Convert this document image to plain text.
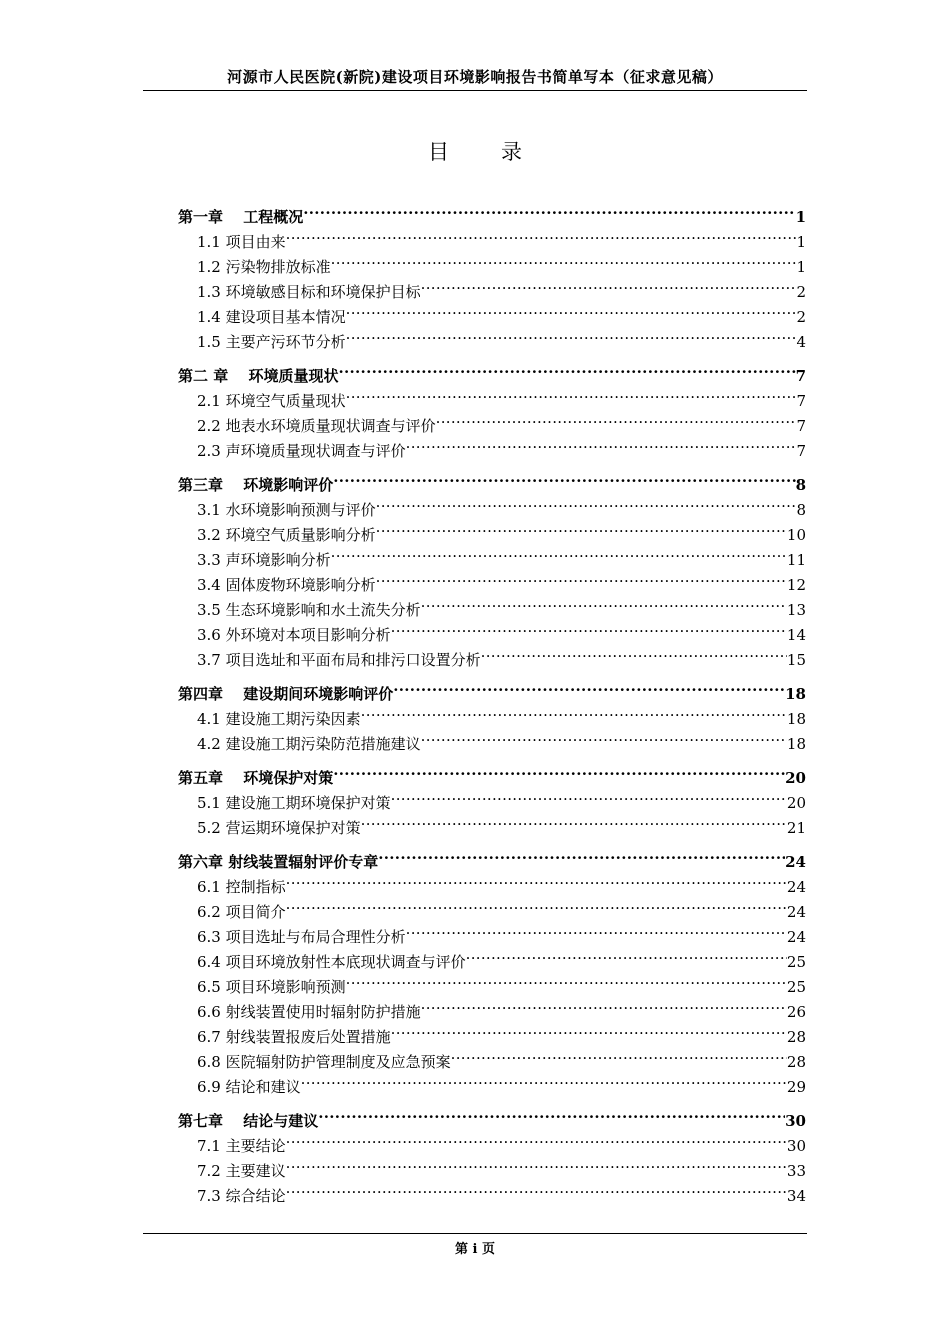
河源市人民医院(新院)建设项目环境影响报告书简单写本（征求意见稿）
目 录
第一章　 工程概况 .....	1
1.1 项目由来 .....	1
1.2 污染物排放标准 .....	1
1.3 环境敏感目标和环境保护目标 .....	2
1.4 建设项目基本情况 .....	2
1.5 主要产污环节分析 .....	4
第二 章　 环境质量现状 .....	7
2.1 环境空气质量现状 .....	7
2.2 地表水环境质量现状调查与评价 .....	7
2.3 声环境质量现状调查与评价 .....	7
第三章　 环境影响评价 .....	8
3.1 水环境影响预测与评价 .....	8
3.2 环境空气质量影响分析 .....	10
3.3 声环境影响分析 .....	11
3.4 固体废物环境影响分析 .....	12
3.5 生态环境影响和水土流失分析 .....	13
3.6 外环境对本项目影响分析 .....	14
3.7 项目选址和平面布局和排污口设置分析 .....	15
第四章　 建设期间环境影响评价 .....	18
4.1 建设施工期污染因素 .....	18
4.2 建设施工期污染防范措施建议 .....	18
第五章　 环境保护对策 .....	20
5.1 建设施工期环境保护对策 .....	20
5.2 营运期环境保护对策 .....	21
第六章 射线装置辐射评价专章 .....	24
6.1 控制指标 .....	24
6.2 项目简介 .....	24
6.3 项目选址与布局合理性分析 .....	24
6.4 项目环境放射性本底现状调查与评价 .....	25
6.5 项目环境影响预测 .....	25
6.6 射线装置使用时辐射防护措施 .....	26
6.7 射线装置报废后处置措施 .....	28
6.8 医院辐射防护管理制度及应急预案 .....	28
6.9 结论和建议 .....	29
第七章　 结论与建议 .....	30
7.1 主要结论 .....	30
7.2 主要建议 .....	33
7.3 综合结论 .....	34
第 i 页
